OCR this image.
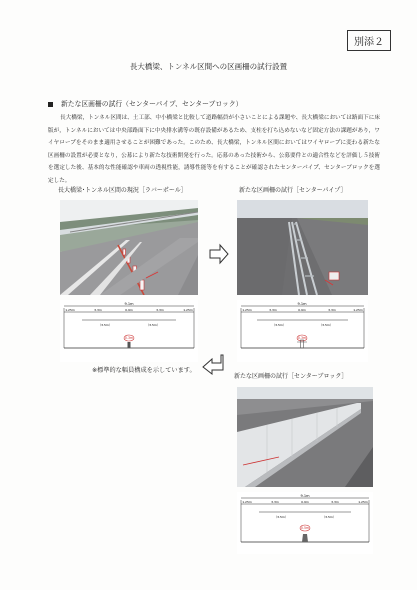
別添２
長大橋梁、トンネル区間への区画柵の試行設置
新たな区画柵の試行（センターパイプ、センターブロック）

長大橋梁，トンネル区間は、土工部、中小橋梁と比較して道路幅員が小さいことによる課題や、長大橋梁においては路面下に床版が，トンネルにおいては中央部路面下に中央排水溝等の既存設備があるため、支柱を打ち込めないなど固定方法の課題があり，ワイヤロープをそのまま適用させることが困難であった。このため、長大橋梁，トンネル区間においてはワイヤロープに変わる新たな区画柵の設置が必要となり，公募により新たな技術開発を行った。応募のあった技術から、公募要件との適合性などを評価し５技術を選定した後、基本的な性能確認や車両の透視性能，誘導性能等を有することが確認されたセンターパイプ、センターブロックを選定した。

長大橋梁･トンネル区間の現況［ラバーポール］	新たな区画柵の試行［センターパイプ］
9.1m
1.25m	3.3m	0.9m	3.3m	1.25m
（3.5m）	（3.5m）
0.3m
9.1m
1.25m	3.3m	0.9m	3.3m	1.25m
（3.5m）	（3.5m）
0.3m
※標準的な幅員構成を示しています。
新たな区画柵の試行［センターブロック］
9.1m
1.25m	3.3m	0.9m	3.3m	1.25m
（3.5m）	（3.5m）
0.5m
